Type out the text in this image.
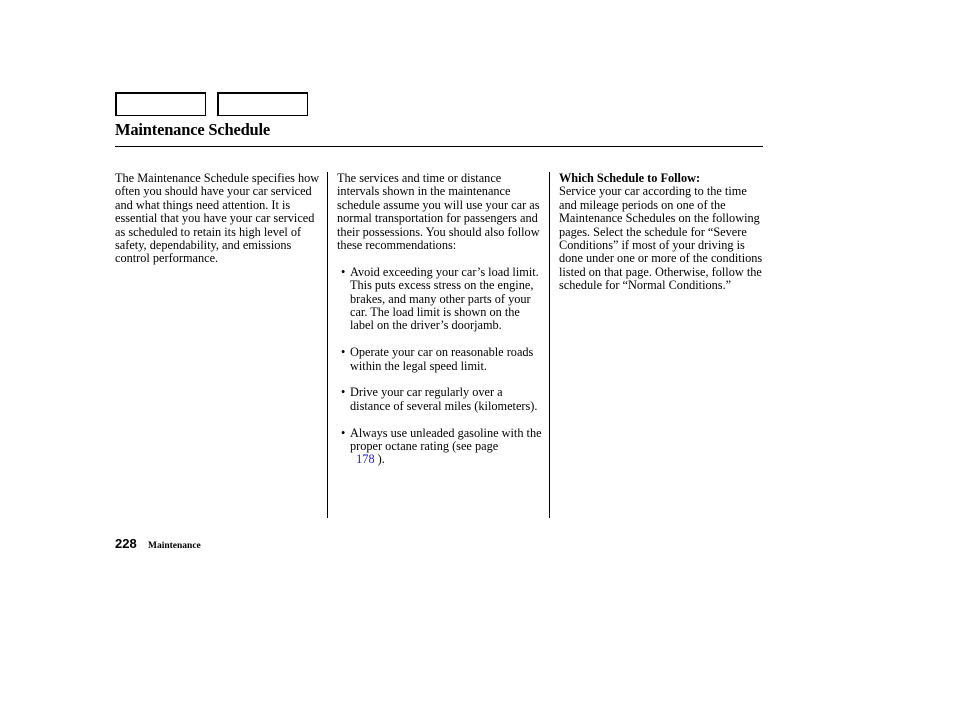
Maintenance Schedule

The Maintenance Schedule specifies how often you should have your car serviced and what things need attention. It is essential that you have your car serviced as scheduled to retain its high level of safety, dependability, and emissions control performance.

The services and time or distance intervals shown in the maintenance schedule assume you will use your car as normal transportation for passengers and their possessions. You should also follow these recommendations:

• Avoid exceeding your car’s load limit. This puts excess stress on the engine, brakes, and many other parts of your car. The load limit is shown on the label on the driver’s doorjamb.
• Operate your car on reasonable roads within the legal speed limit.
• Drive your car regularly over a distance of several miles (kilometers).
• Always use unleaded gasoline with the proper octane rating (see page
178 ).

Which Schedule to Follow:

Service your car according to the time and mileage periods on one of the Maintenance Schedules on the following pages. Select the schedule for “Severe Conditions” if most of your driving is done under one or more of the conditions listed on that page. Otherwise, follow the schedule for “Normal Conditions.”

228 Maintenance
